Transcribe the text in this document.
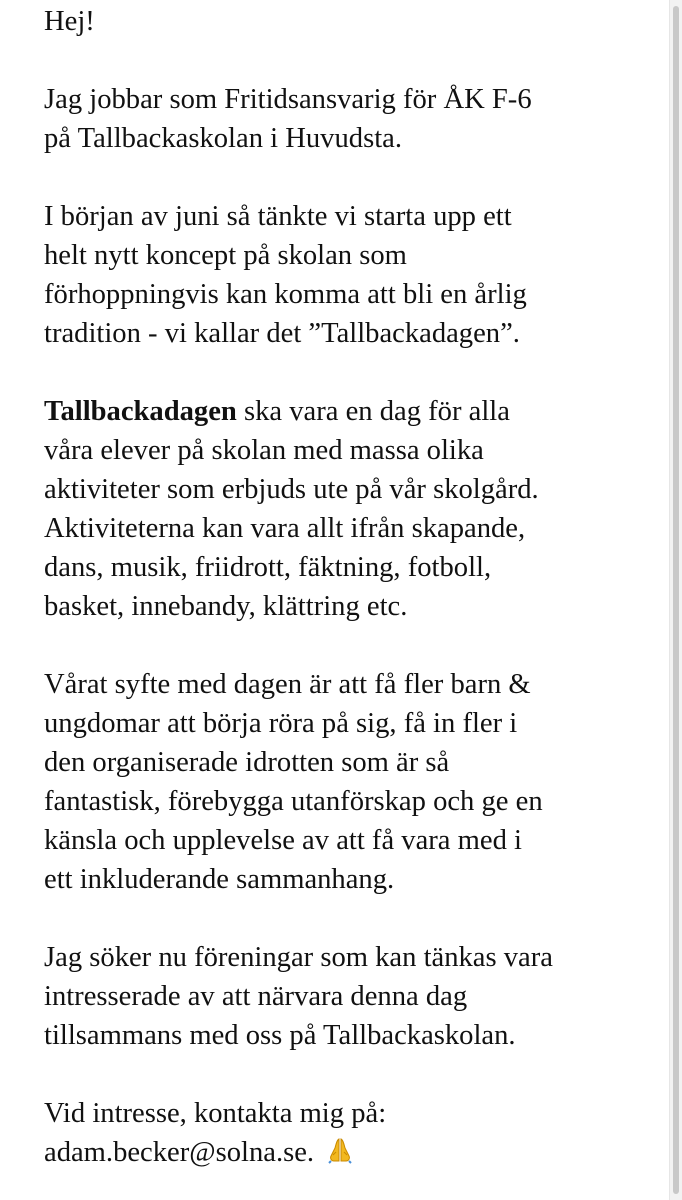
Hej!

Jag jobbar som Fritidsansvarig för ÅK F-6
på Tallbackaskolan i Huvudsta.

I början av juni så tänkte vi starta upp ett
helt nytt koncept på skolan som
förhoppningvis kan komma att bli en årlig
tradition - vi kallar det ”Tallbackadagen”.

Tallbackadagen ska vara en dag för alla
våra elever på skolan med massa olika
aktiviteter som erbjuds ute på vår skolgård.
Aktiviteterna kan vara allt ifrån skapande,
dans, musik, friidrott, fäktning, fotboll,
basket, innebandy, klättring etc.

Vårat syfte med dagen är att få fler barn &
ungdomar att börja röra på sig, få in fler i
den organiserade idrotten som är så
fantastisk, förebygga utanförskap och ge en
känsla och upplevelse av att få vara med i
ett inkluderande sammanhang.

Jag söker nu föreningar som kan tänkas vara
intresserade av att närvara denna dag
tillsammans med oss på Tallbackaskolan.

Vid intresse, kontakta mig på:
adam.becker@solna.se.
